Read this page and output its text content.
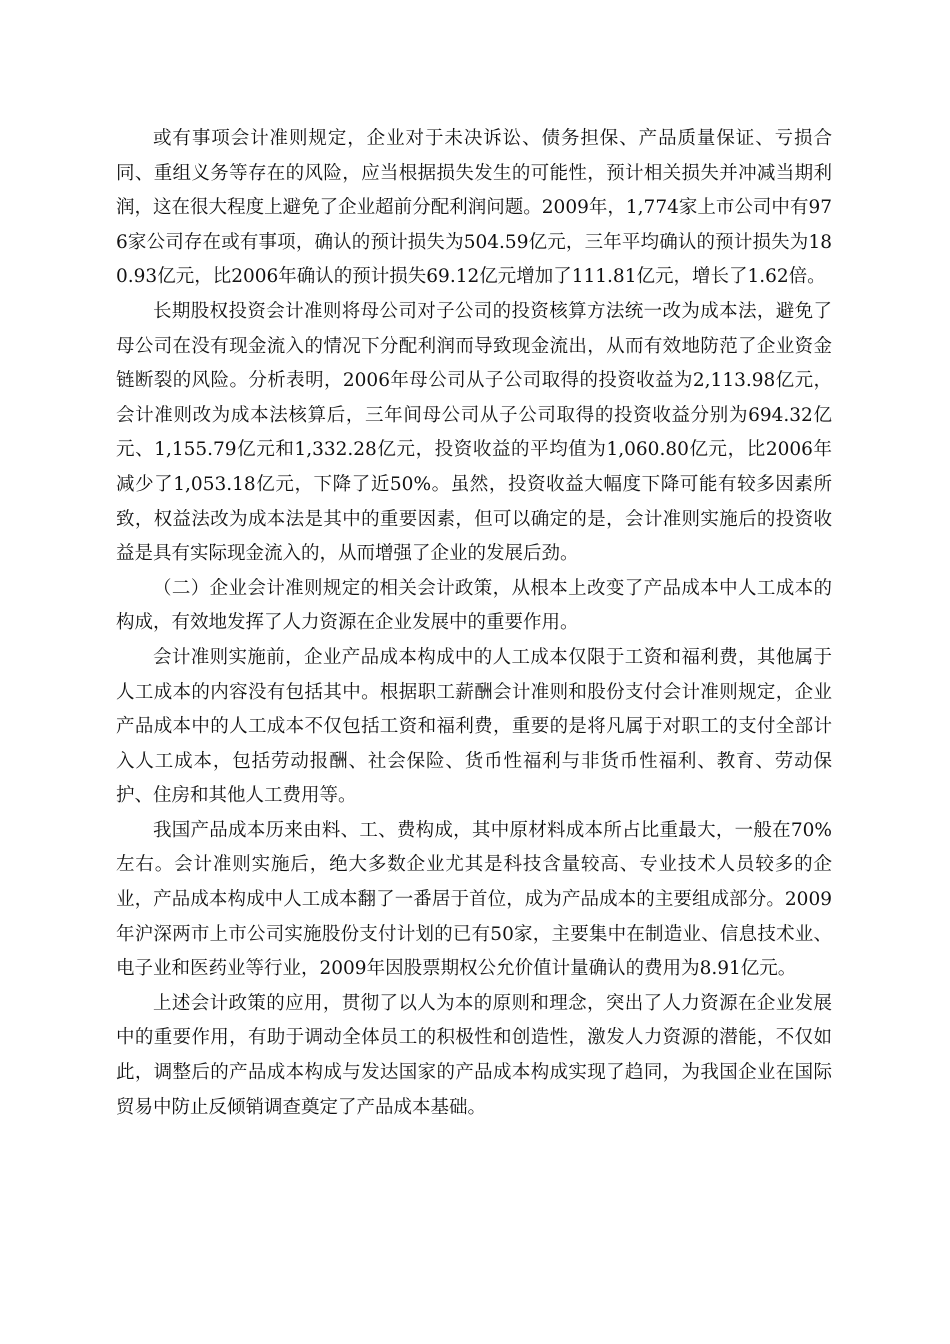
或有事项会计准则规定，企业对于未决诉讼、债务担保、产品质量保证、亏损合同、重组义务等存在的风险，应当根据损失发生的可能性，预计相关损失并冲减当期利润，这在很大程度上避免了企业超前分配利润问题。2009年，1,774家上市公司中有976家公司存在或有事项，确认的预计损失为504.59亿元，三年平均确认的预计损失为180.93亿元，比2006年确认的预计损失69.12亿元增加了111.81亿元，增长了1.62倍。

长期股权投资会计准则将母公司对子公司的投资核算方法统一改为成本法，避免了母公司在没有现金流入的情况下分配利润而导致现金流出，从而有效地防范了企业资金链断裂的风险。分析表明，2006年母公司从子公司取得的投资收益为2,113.98亿元，会计准则改为成本法核算后，三年间母公司从子公司取得的投资收益分别为694.32亿元、1,155.79亿元和1,332.28亿元，投资收益的平均值为1,060.80亿元，比2006年减少了1,053.18亿元，下降了近50%。虽然，投资收益大幅度下降可能有较多因素所致，权益法改为成本法是其中的重要因素，但可以确定的是，会计准则实施后的投资收益是具有实际现金流入的，从而增强了企业的发展后劲。

（二）企业会计准则规定的相关会计政策，从根本上改变了产品成本中人工成本的构成，有效地发挥了人力资源在企业发展中的重要作用。

会计准则实施前，企业产品成本构成中的人工成本仅限于工资和福利费，其他属于人工成本的内容没有包括其中。根据职工薪酬会计准则和股份支付会计准则规定，企业产品成本中的人工成本不仅包括工资和福利费，重要的是将凡属于对职工的支付全部计入人工成本，包括劳动报酬、社会保险、货币性福利与非货币性福利、教育、劳动保护、住房和其他人工费用等。

我国产品成本历来由料、工、费构成，其中原材料成本所占比重最大，一般在70%左右。会计准则实施后，绝大多数企业尤其是科技含量较高、专业技术人员较多的企业，产品成本构成中人工成本翻了一番居于首位，成为产品成本的主要组成部分。2009年沪深两市上市公司实施股份支付计划的已有50家，主要集中在制造业、信息技术业、电子业和医药业等行业，2009年因股票期权公允价值计量确认的费用为8.91亿元。

上述会计政策的应用，贯彻了以人为本的原则和理念，突出了人力资源在企业发展中的重要作用，有助于调动全体员工的积极性和创造性，激发人力资源的潜能，不仅如此，调整后的产品成本构成与发达国家的产品成本构成实现了趋同，为我国企业在国际贸易中防止反倾销调查奠定了产品成本基础。
